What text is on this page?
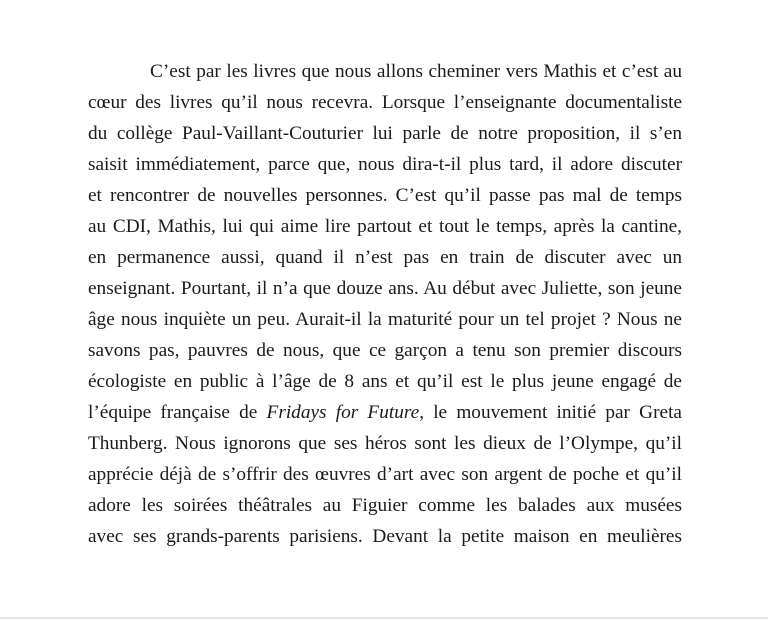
C’est par les livres que nous allons cheminer vers Mathis et c’est au
cœur des livres qu’il nous recevra. Lorsque l’enseignante documentaliste
du collège Paul-Vaillant-Couturier lui parle de notre proposition, il s’en
saisit immédiatement, parce que, nous dira-t-il plus tard, il adore discuter
et rencontrer de nouvelles personnes. C’est qu’il passe pas mal de temps
au CDI, Mathis, lui qui aime lire partout et tout le temps, après la cantine,
en permanence aussi, quand il n’est pas en train de discuter avec un
enseignant. Pourtant, il n’a que douze ans. Au début avec Juliette, son jeune
âge nous inquiète un peu. Aurait-il la maturité pour un tel projet ? Nous ne
savons pas, pauvres de nous, que ce garçon a tenu son premier discours
écologiste en public à l’âge de 8 ans et qu’il est le plus jeune engagé de
l’équipe française de Fridays for Future, le mouvement initié par Greta
Thunberg. Nous ignorons que ses héros sont les dieux de l’Olympe, qu’il
apprécie déjà de s’offrir des œuvres d’art avec son argent de poche et qu’il
adore les soirées théâtrales au Figuier comme les balades aux musées
avec ses grands-parents parisiens. Devant la petite maison en meulières
